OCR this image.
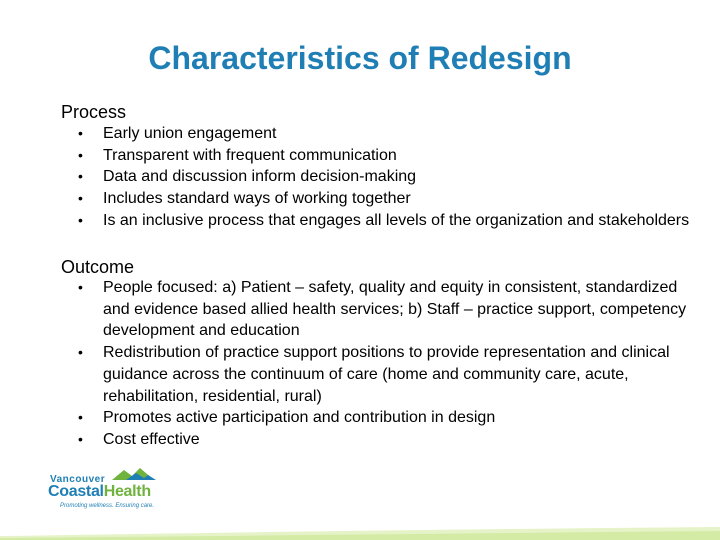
Characteristics of Redesign
Process
•	Early union engagement
•	Transparent with frequent communication
•	Data and discussion inform decision-making
•	Includes standard ways of working together
•	Is an inclusive process that engages all levels of the organization and stakeholders
Outcome
•	People focused: a) Patient – safety, quality and equity in consistent, standardized and evidence based allied health services; b) Staff – practice support, competency development and education
•	Redistribution of practice support positions to provide representation and clinical guidance across the continuum of care (home and community care, acute, rehabilitation, residential, rural)
•	Promotes active participation and contribution in design
•	Cost effective
Vancouver
CoastalHealth
Promoting wellness. Ensuring care.
